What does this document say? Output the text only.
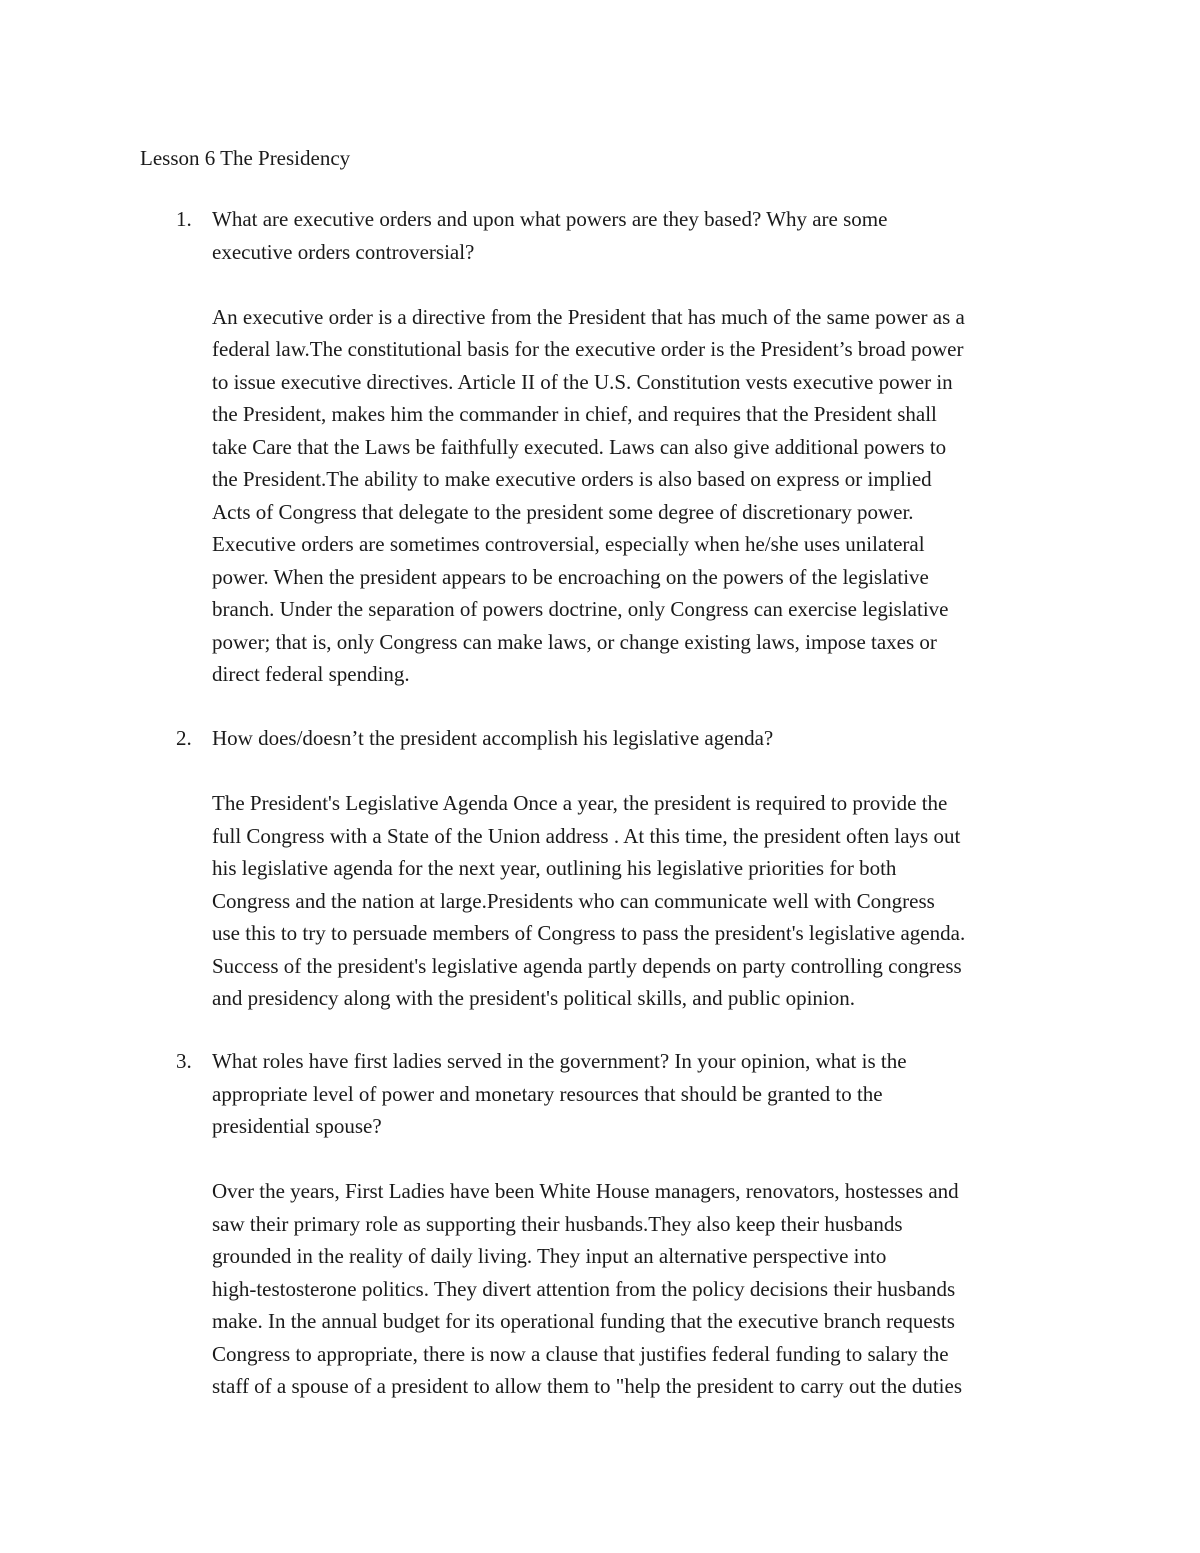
Lesson 6 The Presidency
1. What are executive orders and upon what powers are they based? Why are some
executive orders controversial?

An executive order is a directive from the President that has much of the same power as a
federal law.The constitutional basis for the executive order is the President’s broad power
to issue executive directives. Article II of the U.S. Constitution vests executive power in
the President, makes him the commander in chief, and requires that the President shall
take Care that the Laws be faithfully executed. Laws can also give additional powers to
the President.The ability to make executive orders is also based on express or implied
Acts of Congress that delegate to the president some degree of discretionary power.
Executive orders are sometimes controversial, especially when he/she uses unilateral
power. When the president appears to be encroaching on the powers of the legislative
branch. Under the separation of powers doctrine, only Congress can exercise legislative
power; that is, only Congress can make laws, or change existing laws, impose taxes or
direct federal spending.

2. How does/doesn’t the president accomplish his legislative agenda?

The President's Legislative Agenda Once a year, the president is required to provide the
full Congress with a State of the Union address . At this time, the president often lays out
his legislative agenda for the next year, outlining his legislative priorities for both
Congress and the nation at large.Presidents who can communicate well with Congress
use this to try to persuade members of Congress to pass the president's legislative agenda.
Success of the president's legislative agenda partly depends on party controlling congress
and presidency along with the president's political skills, and public opinion.

3. What roles have first ladies served in the government? In your opinion, what is the
appropriate level of power and monetary resources that should be granted to the
presidential spouse?

Over the years, First Ladies have been White House managers, renovators, hostesses and
saw their primary role as supporting their husbands.They also keep their husbands
grounded in the reality of daily living. They input an alternative perspective into
high-testosterone politics. They divert attention from the policy decisions their husbands
make. In the annual budget for its operational funding that the executive branch requests
Congress to appropriate, there is now a clause that justifies federal funding to salary the
staff of a spouse of a president to allow them to "help the president to carry out the duties
